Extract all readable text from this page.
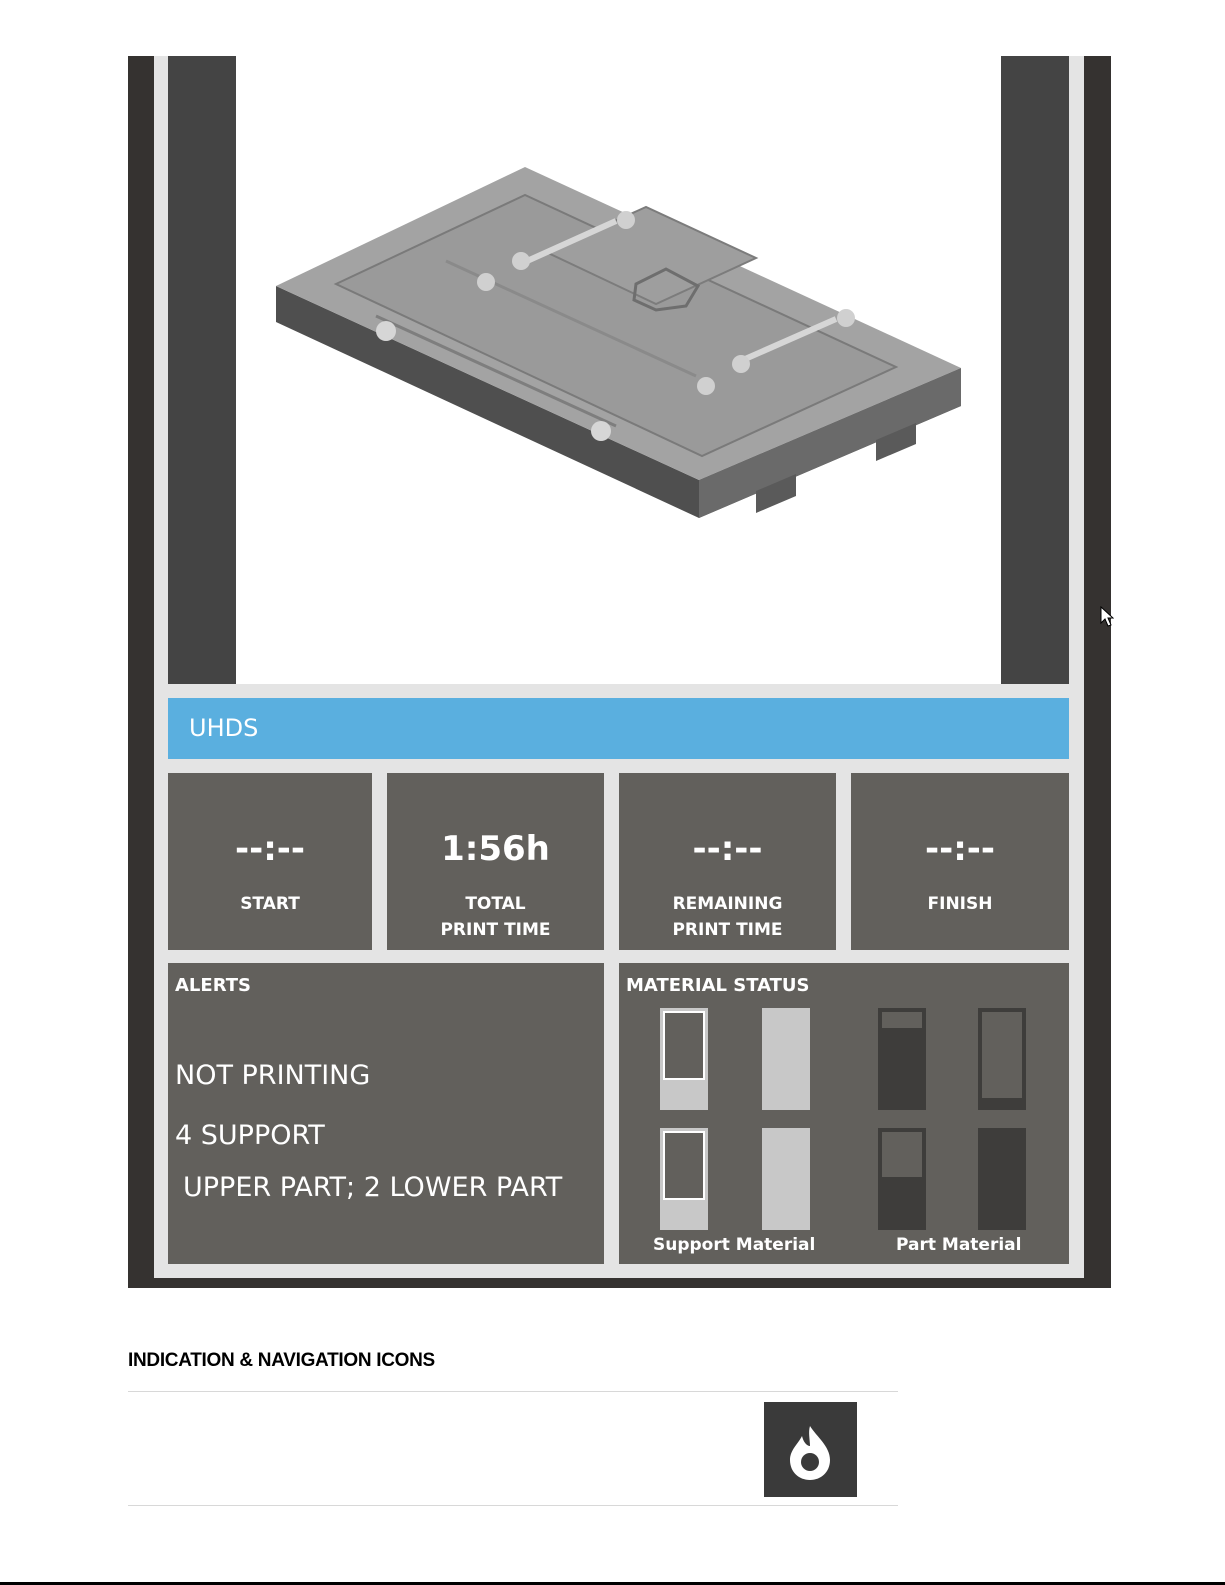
UHDS
--:--
START
1:56h
TOTAL
PRINT TIME
--:--
REMAINING
PRINT TIME
--:--
FINISH
ALERTS
NOT PRINTING
4 SUPPORT
UPPER PART; 2 LOWER PART
MATERIAL STATUS
Support Material	Part Material
INDICATION & NAVIGATION ICONS
